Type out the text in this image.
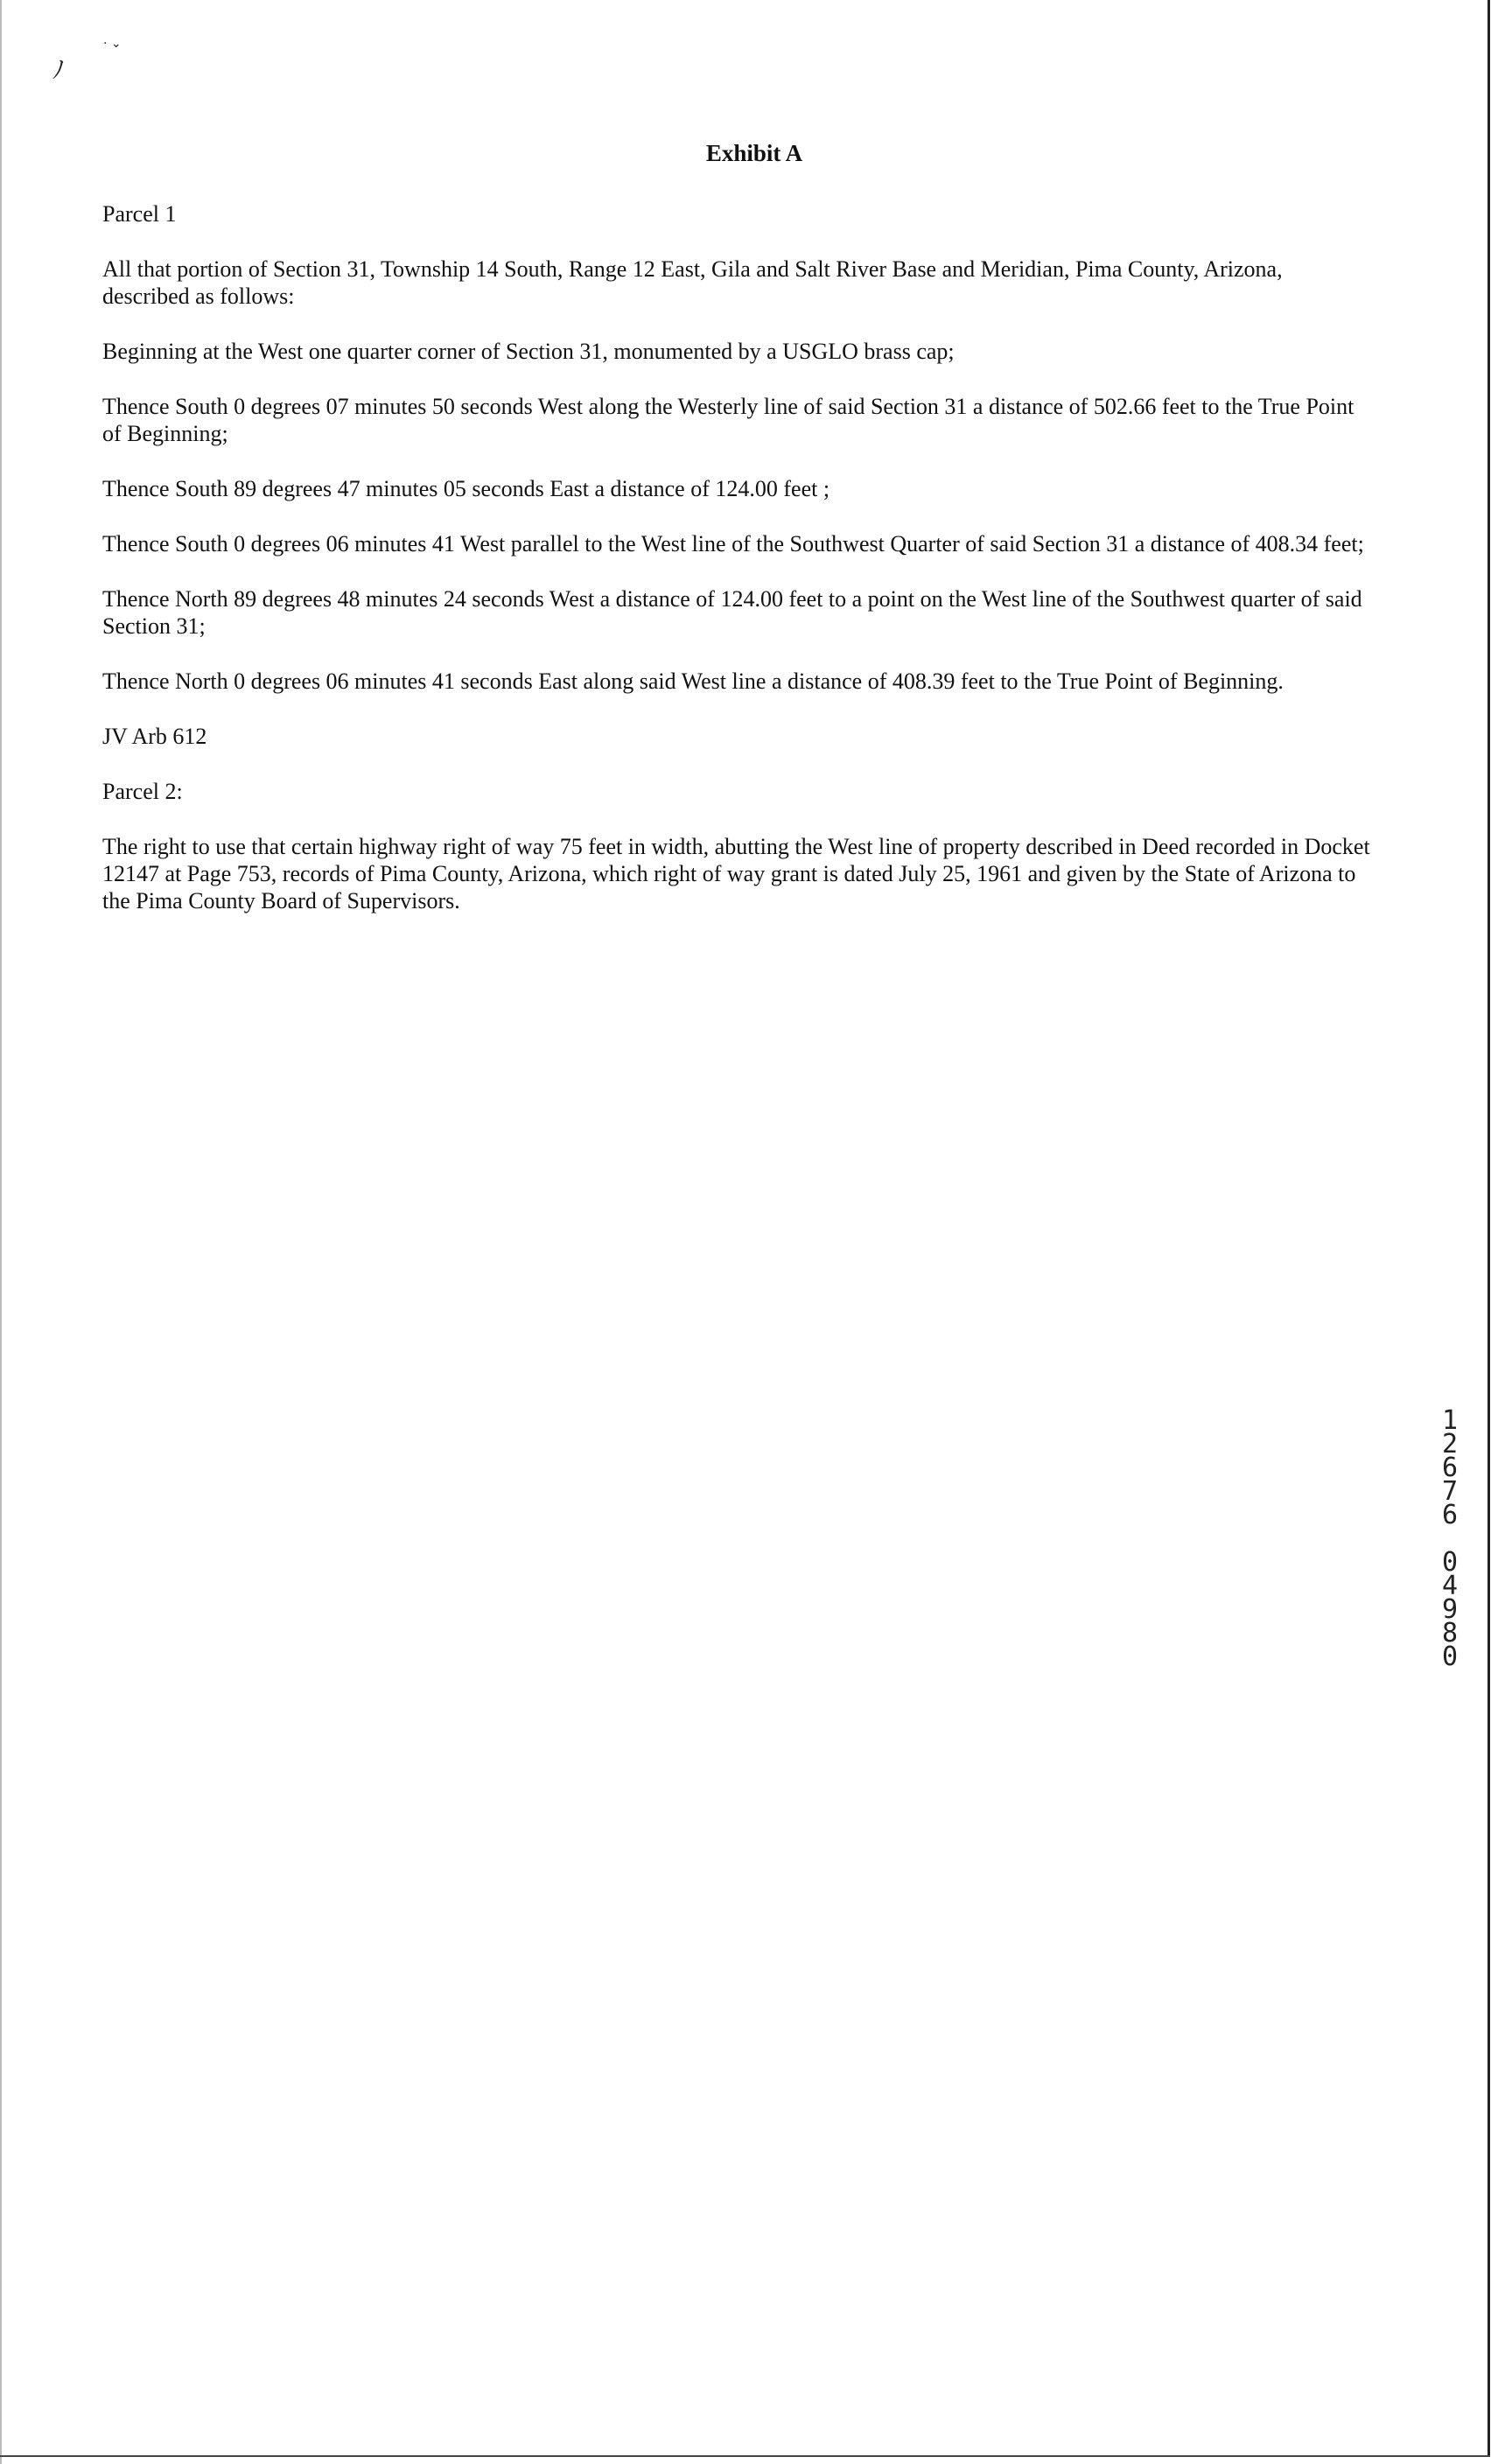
ﾉ
· ⌄
Exhibit A
Parcel 1
All that portion of Section 31, Township 14 South, Range 12 East, Gila and Salt River Base and Meridian, Pima County, Arizona, described as follows:
Beginning at the West one quarter corner of Section 31, monumented by a USGLO brass cap;
Thence South 0 degrees 07 minutes 50 seconds West along the Westerly line of said Section 31 a distance of 502.66 feet to the True Point of Beginning;
Thence South 89 degrees 47 minutes 05 seconds East a distance of 124.00 feet ;
Thence South 0 degrees 06 minutes 41 West parallel to the West line of the Southwest Quarter of said Section 31 a distance of 408.34 feet;
Thence North 89 degrees 48 minutes 24 seconds West a distance of 124.00 feet to a point on the West line of the Southwest quarter of said Section 31;
Thence North 0 degrees 06 minutes 41 seconds East along said West line a distance of 408.39 feet to the True Point of Beginning.
JV Arb 612
Parcel 2:
The right to use that certain highway right of way 75 feet in width, abutting the West line of property described in Deed recorded in Docket 12147 at Page 753, records of Pima County, Arizona, which right of way grant is dated July 25, 1961 and given by the State of Arizona to the Pima County Board of Supervisors.
1
2
6
7
6
0
4
9
8
0
